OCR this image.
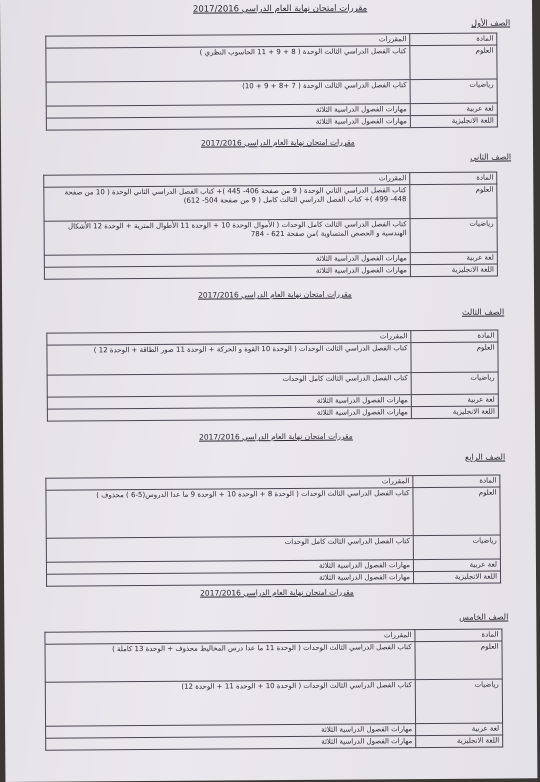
مقررات امتحان نهاية العام الدراسي 2017/2016
الصف الأول
المادة	المقررات
العلوم	كتاب الفصل الدراسي الثالث الوحدة ( 8 + 9 + 11 الحاسوب النظري )
رياضيات	كتاب الفصل الدراسي الثالث الوحدة ( 7 +8 + 9 + 10)
لغة عربية	مهارات الفصول الدراسية الثلاثة
اللغة الانجليزية	مهارات الفصول الدراسية الثلاثة
مقررات امتحان نهاية العام الدراسي 2017/2016
الصف الثاني
المادة	المقررات
العلوم	كتاب الفصل الدراسي الثاني الوحدة ( 9 من صفحة 406- 445 )+ كتاب الفصل الدراسي الثاني الوحدة ( 10 من صفحة 448- 499 )+ كتاب الفصل الدراسي الثالث كامل ( 9 من صفحة 504- 612)
رياضيات	كتاب الفصل الدراسي الثالث كامل الوحدات ( الأموال الوحدة 10 + الوحدة 11 الأطوال المترية + الوحدة 12 الأشكال الهندسية و الحصص المتساوية )من صفحة 621 - 784
لغة عربية	مهارات الفصول الدراسية الثلاثة
اللغة الانجليزية	مهارات الفصول الدراسية الثلاثة
مقررات امتحان نهاية العام الدراسي 2017/2016
الصف الثالث
المادة	المقررات
العلوم	كتاب الفصل الدراسي الثالث الوحدات ( الوحدة 10 القوة و الحركة + الوحدة 11 صور الطاقة + الوحدة 12 )
رياضيات	كتاب الفصل الدراسي الثالث كامل الوحدات
لغة عربية	مهارات الفصول الدراسية الثلاثة
اللغة الانجليزية	مهارات الفصول الدراسية الثلاثة
مقررات امتحان نهاية العام الدراسي 2017/2016
الصف الرابع
المادة	المقررات
العلوم	كتاب الفصل الدراسي الثالث الوحدات ( الوحدة 8 + الوحدة 10 + الوحدة 9 ما عدا الدروس(5-6 ) محذوف )
رياضيات	كتاب الفصل الدراسي الثالث كامل الوحدات
لغة عربية	مهارات الفصول الدراسية الثلاثة
اللغة الانجليزية	مهارات الفصول الدراسية الثلاثة
مقررات امتحان نهاية العام الدراسي 2017/2016
الصف الخامس
المادة	المقررات
العلوم	كتاب الفصل الدراسي الثالث الوحدات ( الوحدة 11 ما عدا درس المخاليط محذوف + الوحدة 13 كاملة )
رياضيات	كتاب الفصل الدراسي الثالث الوحدات ( الوحدة 10 + الوحدة 11 + الوحدة 12)
لغة عربية	مهارات الفصول الدراسية الثلاثة
اللغة الانجليزية	مهارات الفصول الدراسية الثلاثة
